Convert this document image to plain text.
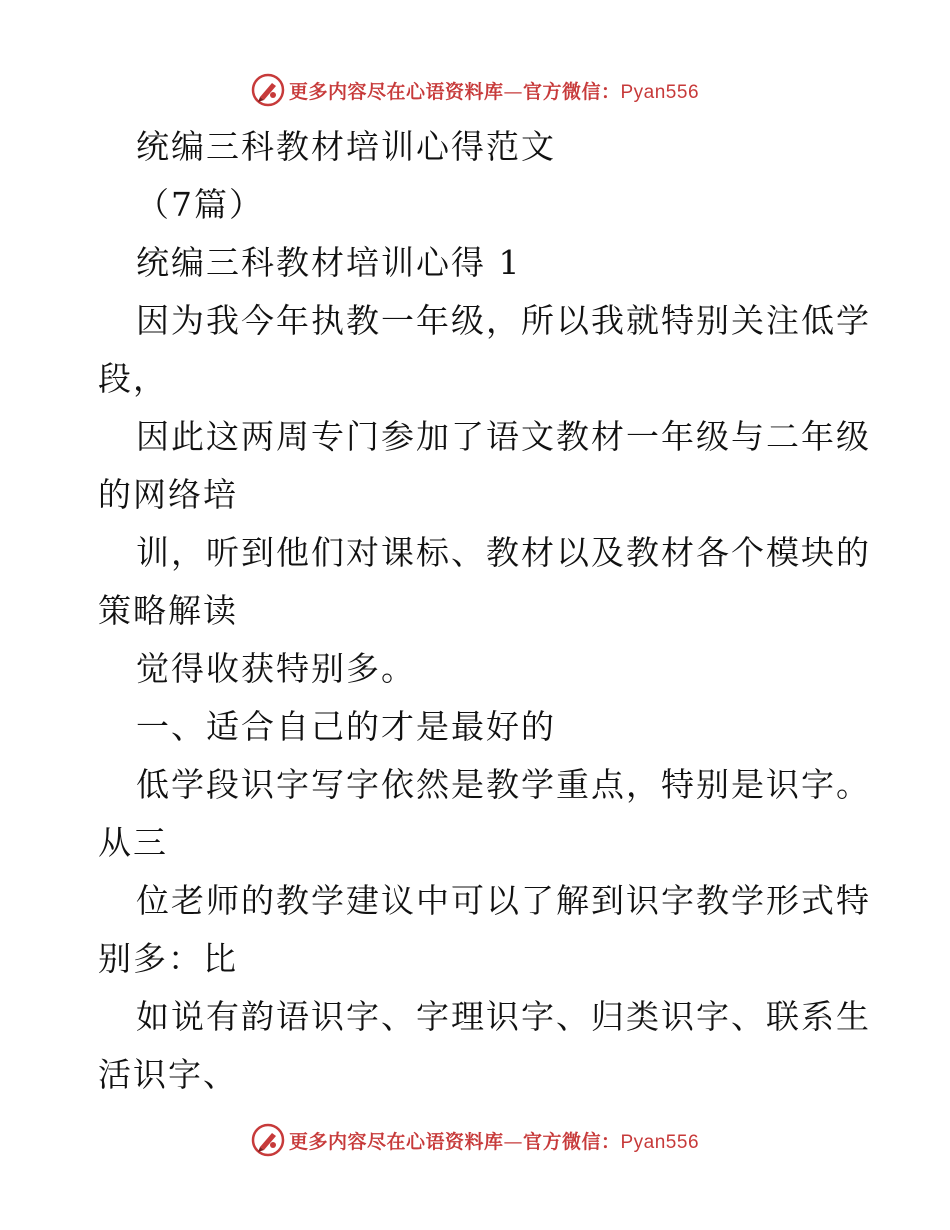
更多内容尽在心语资料库—官方微信：Pyan556
统编三科教材培训心得范文
（7篇）
统编三科教材培训心得 1
因为我今年执教一年级，所以我就特别关注低学
段，
因此这两周专门参加了语文教材一年级与二年级
的网络培
训，听到他们对课标、教材以及教材各个模块的
策略解读
觉得收获特别多。
一、适合自己的才是最好的
低学段识字写字依然是教学重点，特别是识字。
从三
位老师的教学建议中可以了解到识字教学形式特
别多：比
如说有韵语识字、字理识字、归类识字、联系生
活识字、
更多内容尽在心语资料库—官方微信：Pyan556
